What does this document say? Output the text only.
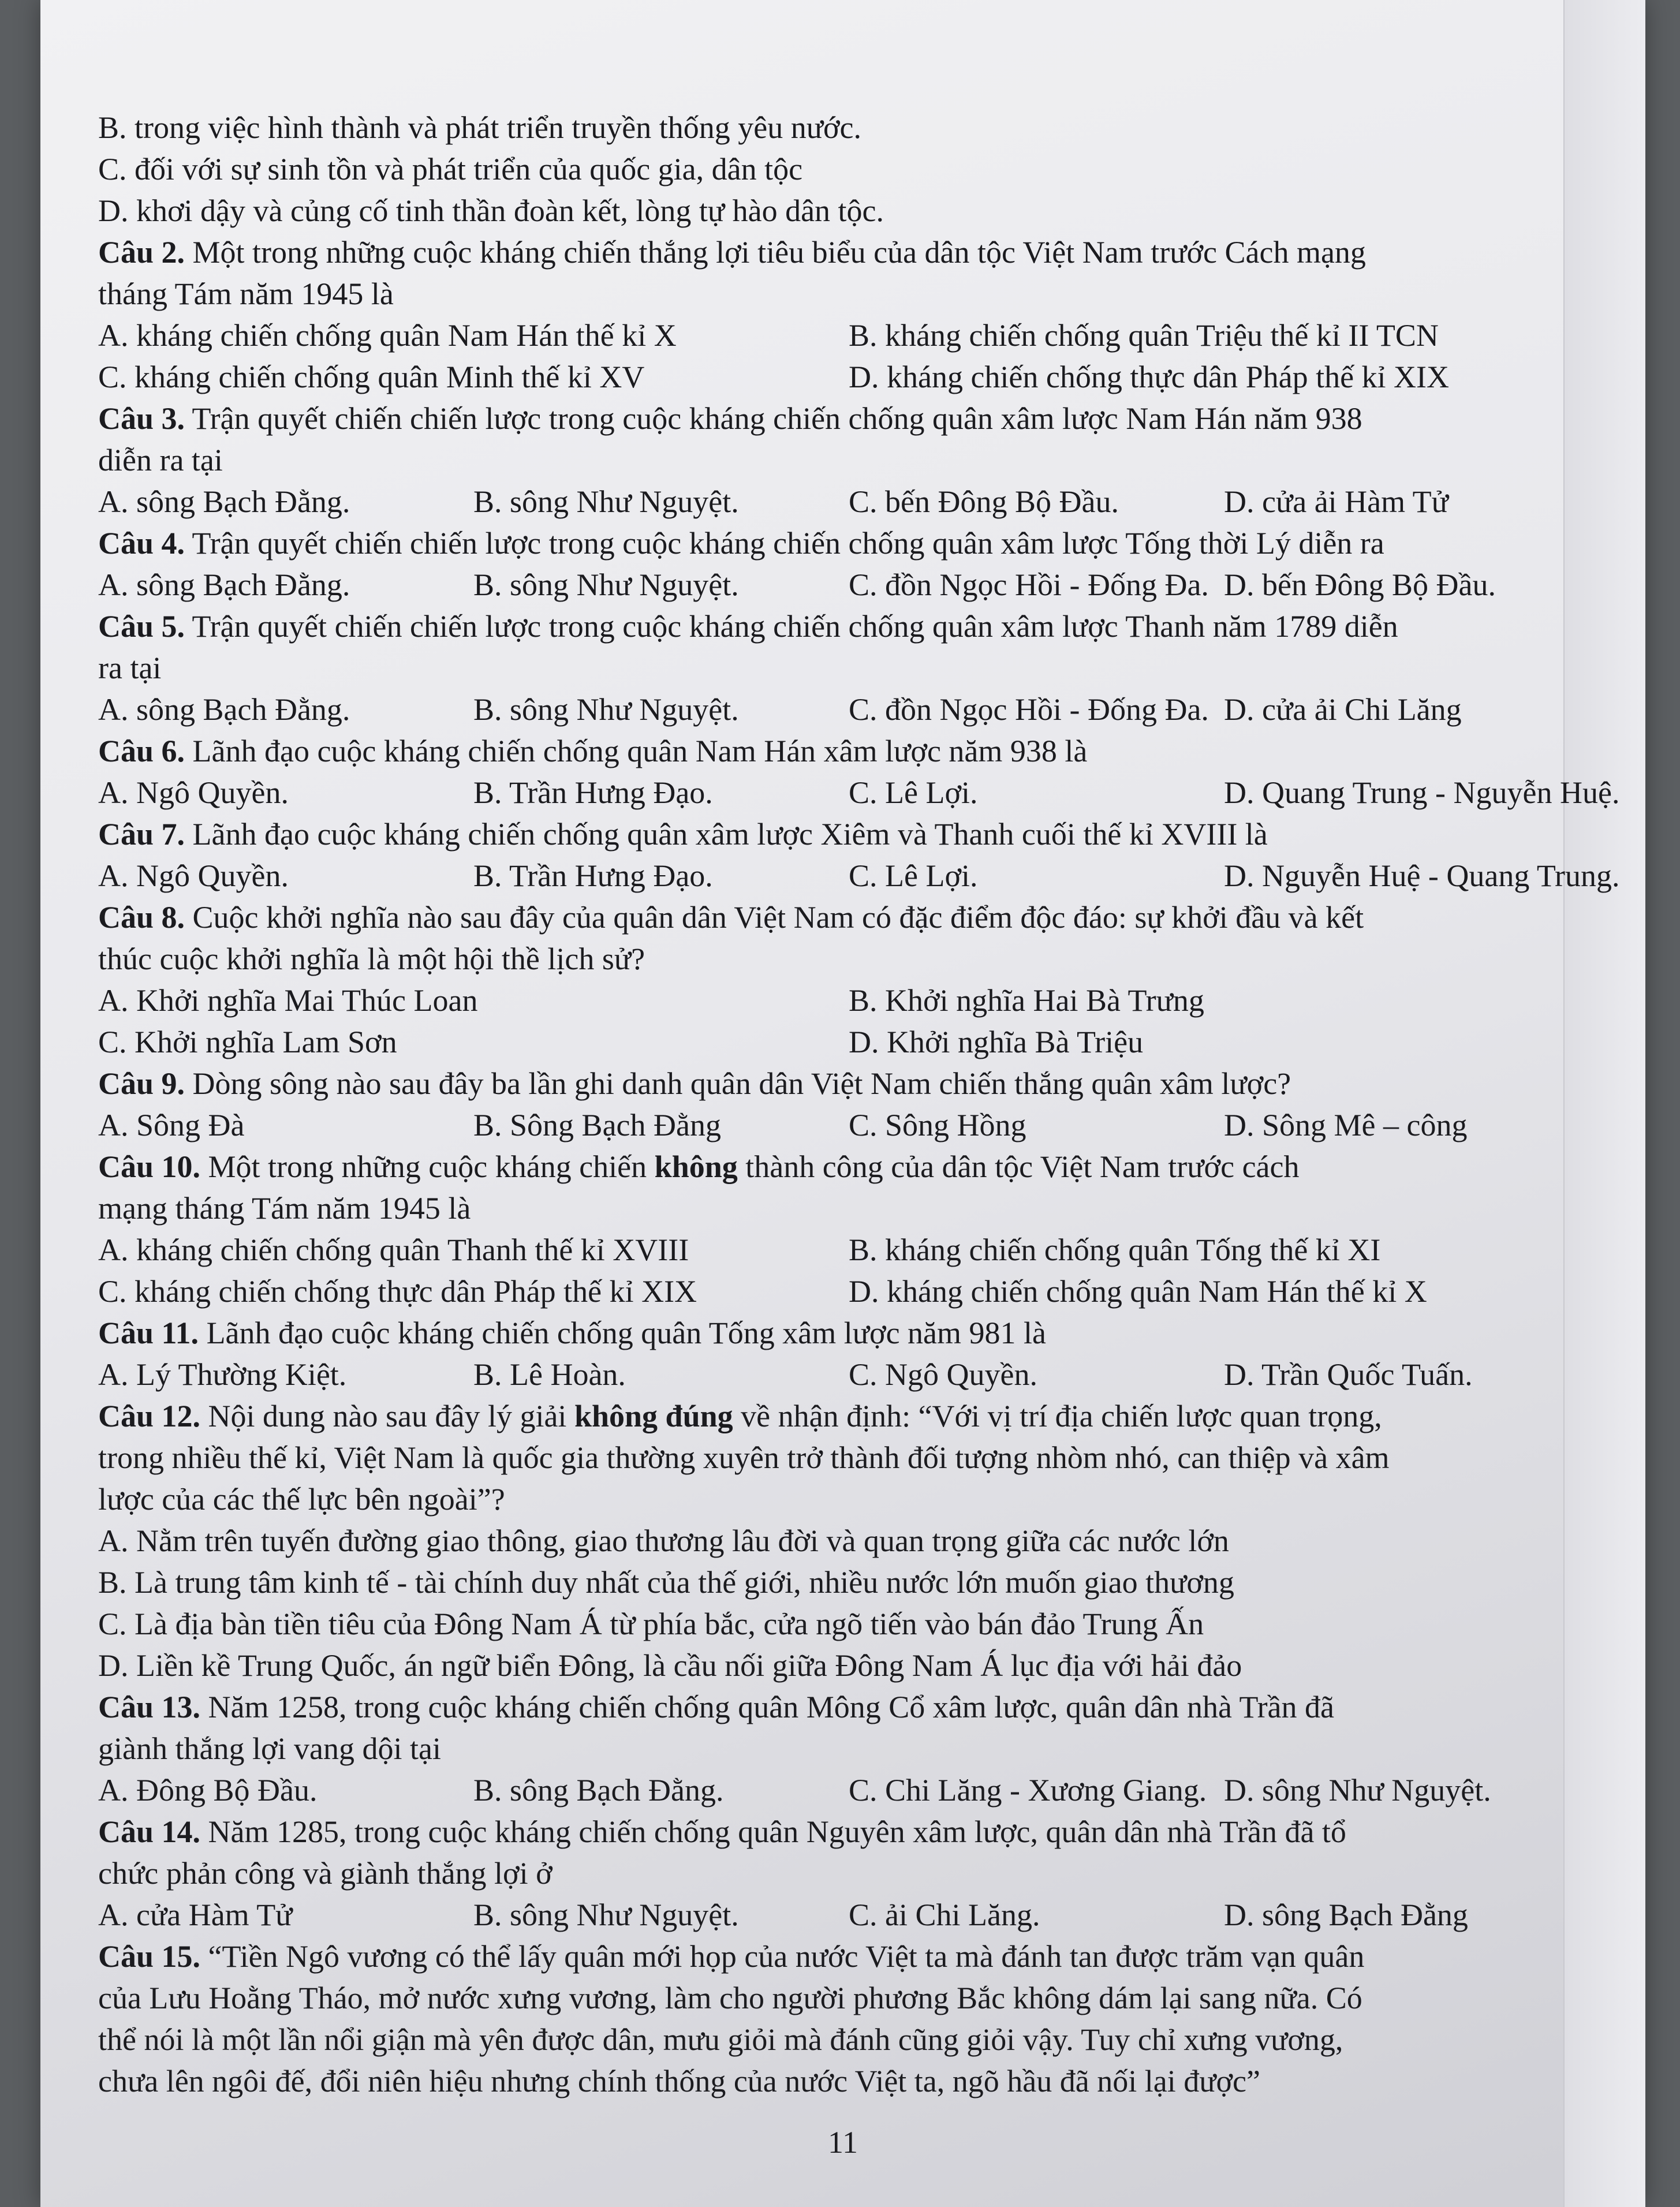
B. trong việc hình thành và phát triển truyền thống yêu nước.
C. đối với sự sinh tồn và phát triển của quốc gia, dân tộc
D. khơi dậy và củng cố tinh thần đoàn kết, lòng tự hào dân tộc.
Câu 2. Một trong những cuộc kháng chiến thắng lợi tiêu biểu của dân tộc Việt Nam trước Cách mạng
tháng Tám năm 1945 là
A. kháng chiến chống quân Nam Hán thế kỉ X	B. kháng chiến chống quân Triệu thế kỉ II TCN
C. kháng chiến chống quân Minh thế kỉ XV	D. kháng chiến chống thực dân Pháp thế kỉ XIX
Câu 3. Trận quyết chiến chiến lược trong cuộc kháng chiến chống quân xâm lược Nam Hán năm 938
diễn ra tại
A. sông Bạch Đằng.	B. sông Như Nguyệt.	C. bến Đông Bộ Đầu.	D. cửa ải Hàm Tử
Câu 4. Trận quyết chiến chiến lược trong cuộc kháng chiến chống quân xâm lược Tống thời Lý diễn ra
A. sông Bạch Đằng.	B. sông Như Nguyệt.	C. đồn Ngọc Hồi - Đống Đa. D. bến Đông Bộ Đầu.
Câu 5. Trận quyết chiến chiến lược trong cuộc kháng chiến chống quân xâm lược Thanh năm 1789 diễn
ra tại
A. sông Bạch Đằng.	B. sông Như Nguyệt.	C. đồn Ngọc Hồi - Đống Đa. D. cửa ải Chi Lăng
Câu 6. Lãnh đạo cuộc kháng chiến chống quân Nam Hán xâm lược năm 938 là
A. Ngô Quyền.	B. Trần Hưng Đạo.	C. Lê Lợi.	D. Quang Trung - Nguyễn Huệ.
Câu 7. Lãnh đạo cuộc kháng chiến chống quân xâm lược Xiêm và Thanh cuối thế kỉ XVIII là
A. Ngô Quyền.	B. Trần Hưng Đạo.	C. Lê Lợi.	D. Nguyễn Huệ - Quang Trung.
Câu 8. Cuộc khởi nghĩa nào sau đây của quân dân Việt Nam có đặc điểm độc đáo: sự khởi đầu và kết
thúc cuộc khởi nghĩa là một hội thề lịch sử?
A. Khởi nghĩa Mai Thúc Loan	B. Khởi nghĩa Hai Bà Trưng
C. Khởi nghĩa Lam Sơn	D. Khởi nghĩa Bà Triệu
Câu 9. Dòng sông nào sau đây ba lần ghi danh quân dân Việt Nam chiến thắng quân xâm lược?
A. Sông Đà	B. Sông Bạch Đằng	C. Sông Hồng	D. Sông Mê – công
Câu 10. Một trong những cuộc kháng chiến không thành công của dân tộc Việt Nam trước cách
mạng tháng Tám năm 1945 là
A. kháng chiến chống quân Thanh thế kỉ XVIII	B. kháng chiến chống quân Tống thế kỉ XI
C. kháng chiến chống thực dân Pháp thế kỉ XIX	D. kháng chiến chống quân Nam Hán thế kỉ X
Câu 11. Lãnh đạo cuộc kháng chiến chống quân Tống xâm lược năm 981 là
A. Lý Thường Kiệt.	B. Lê Hoàn.	C. Ngô Quyền.	D. Trần Quốc Tuấn.
Câu 12. Nội dung nào sau đây lý giải không đúng về nhận định: “Với vị trí địa chiến lược quan trọng,
trong nhiều thế kỉ, Việt Nam là quốc gia thường xuyên trở thành đối tượng nhòm nhó, can thiệp và xâm
lược của các thế lực bên ngoài”?
A. Nằm trên tuyến đường giao thông, giao thương lâu đời và quan trọng giữa các nước lớn
B. Là trung tâm kinh tế - tài chính duy nhất của thế giới, nhiều nước lớn muốn giao thương
C. Là địa bàn tiền tiêu của Đông Nam Á từ phía bắc, cửa ngõ tiến vào bán đảo Trung Ấn
D. Liền kề Trung Quốc, án ngữ biển Đông, là cầu nối giữa Đông Nam Á lục địa với hải đảo
Câu 13. Năm 1258, trong cuộc kháng chiến chống quân Mông Cổ xâm lược, quân dân nhà Trần đã
giành thắng lợi vang dội tại
A. Đông Bộ Đầu.	B. sông Bạch Đằng.	C. Chi Lăng - Xương Giang. D. sông Như Nguyệt.
Câu 14. Năm 1285, trong cuộc kháng chiến chống quân Nguyên xâm lược, quân dân nhà Trần đã tổ
chức phản công và giành thắng lợi ở
A. cửa Hàm Tử	B. sông Như Nguyệt.	C. ải Chi Lăng.	D. sông Bạch Đằng
Câu 15. “Tiền Ngô vương có thể lấy quân mới họp của nước Việt ta mà đánh tan được trăm vạn quân
của Lưu Hoằng Tháo, mở nước xưng vương, làm cho người phương Bắc không dám lại sang nữa. Có
thể nói là một lần nổi giận mà yên được dân, mưu giỏi mà đánh cũng giỏi vậy. Tuy chỉ xưng vương,
chưa lên ngôi đế, đổi niên hiệu nhưng chính thống của nước Việt ta, ngõ hầu đã nối lại được”
11
